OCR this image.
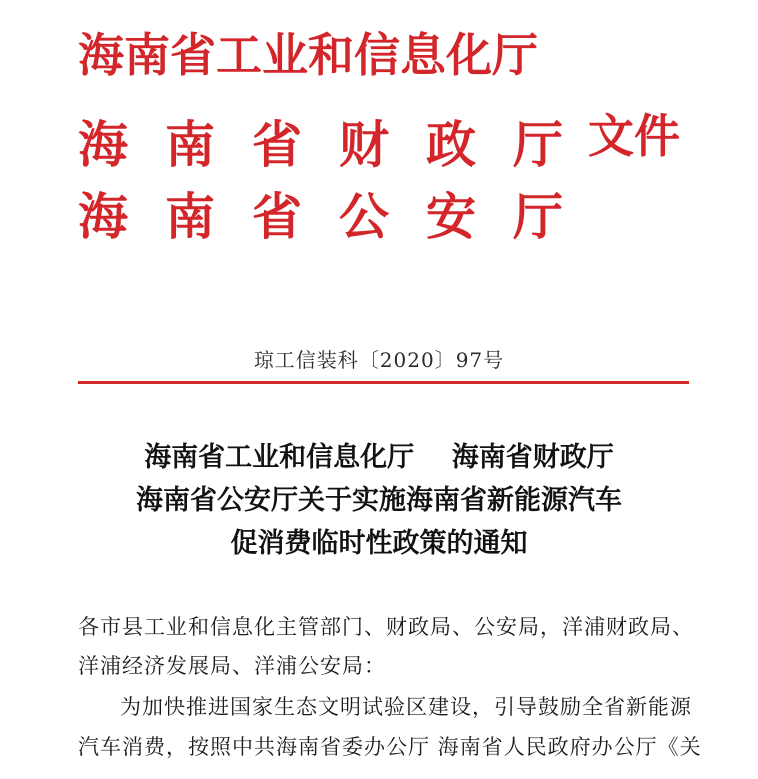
海南省工业和信息化厅
海南省财政厅
文件
海南省公安厅
琼工信装科〔2020〕97号
海南省工业和信息化厅    海南省财政厅
海南省公安厅关于实施海南省新能源汽车
促消费临时性政策的通知
各市县工业和信息化主管部门、财政局、公安局，洋浦财政局、
洋浦经济发展局、洋浦公安局：
为加快推进国家生态文明试验区建设，引导鼓励全省新能源
汽车消费，按照中共海南省委办公厅 海南省人民政府办公厅《关
